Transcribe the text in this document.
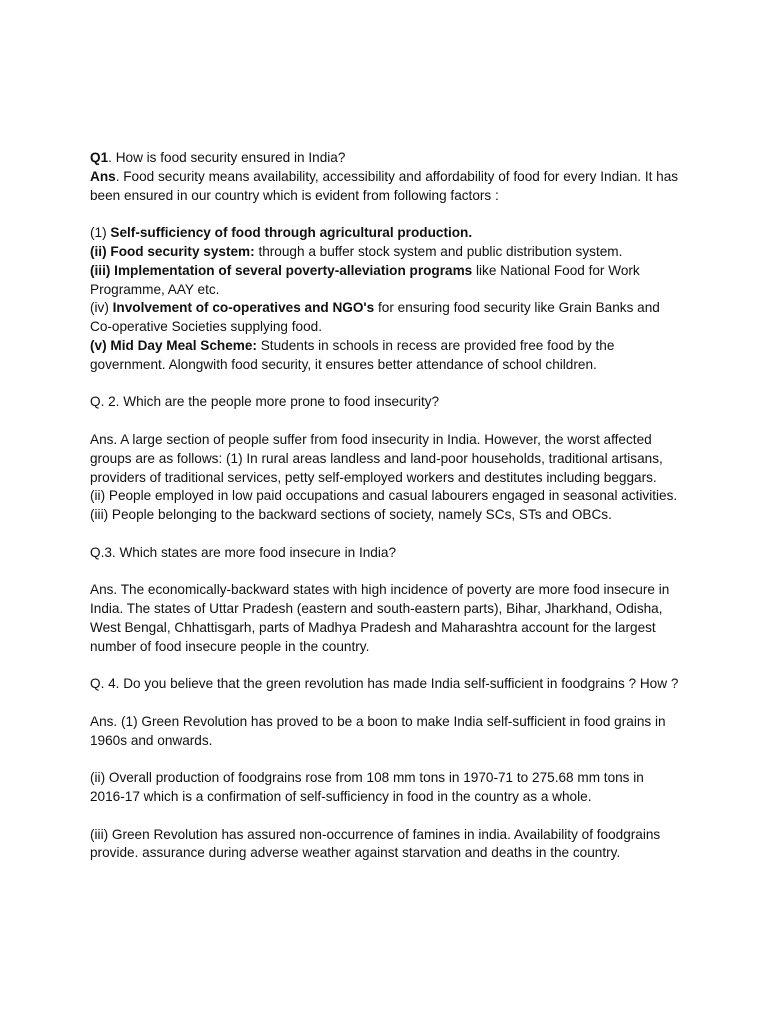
Q1. How is food security ensured in India?

Ans. Food security means availability, accessibility and affordability of food for every Indian. It has been ensured in our country which is evident from following factors :

(1) Self-sufficiency of food through agricultural production.

(ii) Food security system: through a buffer stock system and public distribution system.

(iii) Implementation of several poverty-alleviation programs like National Food for Work Programme, AAY etc.

(iv) Involvement of co-operatives and NGO's for ensuring food security like Grain Banks and Co-operative Societies supplying food.

(v) Mid Day Meal Scheme: Students in schools in recess are provided free food by the government. Alongwith food security, it ensures better attendance of school children.

Q. 2. Which are the people more prone to food insecurity?

Ans. A large section of people suffer from food insecurity in India. However, the worst affected groups are as follows: (1) In rural areas landless and land-poor households, traditional artisans, providers of traditional services, petty self-employed workers and destitutes including beggars.

(ii) People employed in low paid occupations and casual labourers engaged in seasonal activities.

(iii) People belonging to the backward sections of society, namely SCs, STs and OBCs.

Q.3. Which states are more food insecure in India?

Ans. The economically-backward states with high incidence of poverty are more food insecure in India. The states of Uttar Pradesh (eastern and south-eastern parts), Bihar, Jharkhand, Odisha, West Bengal, Chhattisgarh, parts of Madhya Pradesh and Maharashtra account for the largest number of food insecure people in the country.

Q. 4. Do you believe that the green revolution has made India self-sufficient in foodgrains ? How ?

Ans. (1) Green Revolution has proved to be a boon to make India self-sufficient in food grains in 1960s and onwards.

(ii) Overall production of foodgrains rose from 108 mm tons in 1970-71 to 275.68 mm tons in 2016-17 which is a confirmation of self-sufficiency in food in the country as a whole.

(iii) Green Revolution has assured non-occurrence of famines in india. Availability of foodgrains provide. assurance during adverse weather against starvation and deaths in the country.
